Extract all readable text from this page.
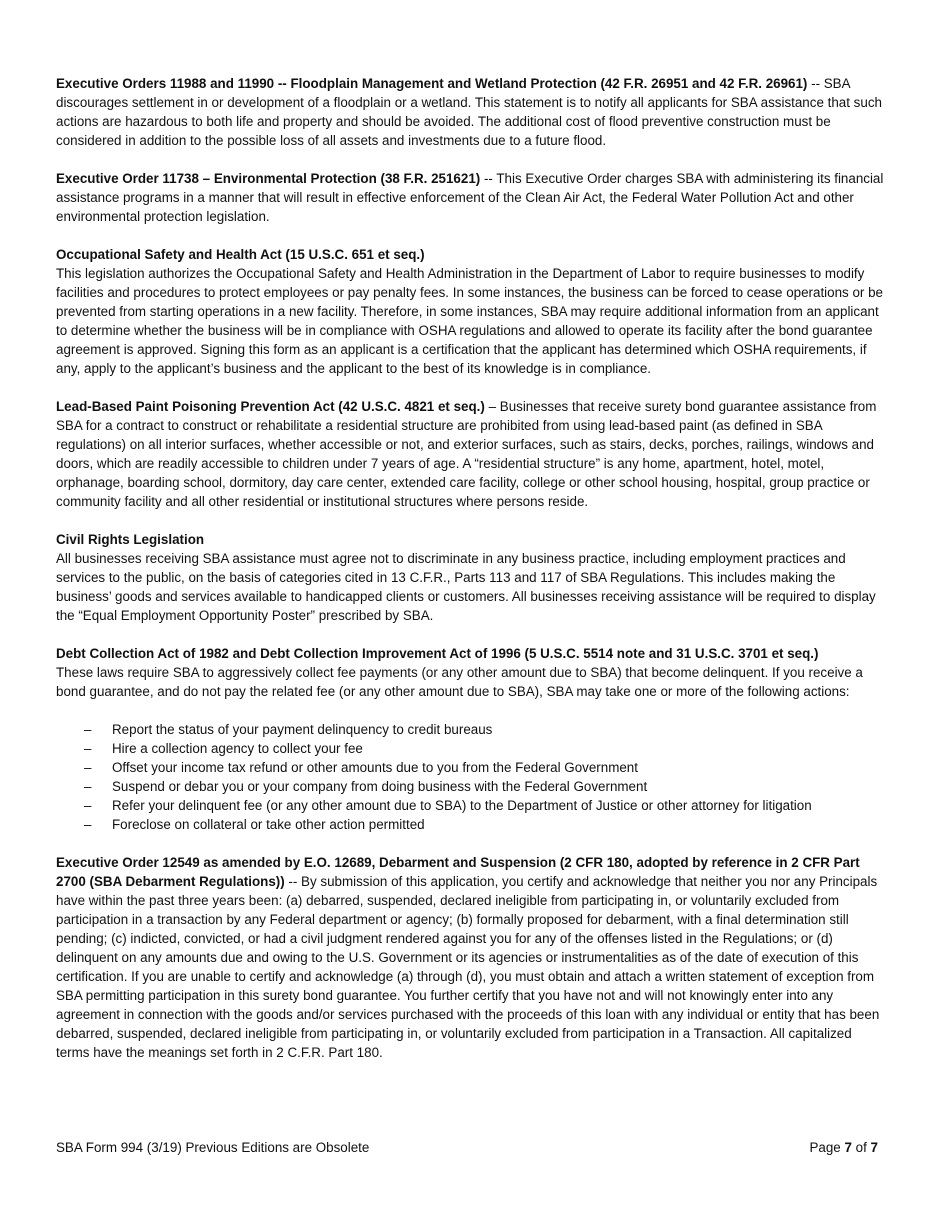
Executive Orders 11988 and 11990 -- Floodplain Management and Wetland Protection (42 F.R. 26951 and 42 F.R. 26961) -- SBA discourages settlement in or development of a floodplain or a wetland. This statement is to notify all applicants for SBA assistance that such actions are hazardous to both life and property and should be avoided. The additional cost of flood preventive construction must be considered in addition to the possible loss of all assets and investments due to a future flood.

Executive Order 11738 – Environmental Protection (38 F.R. 251621) -- This Executive Order charges SBA with administering its financial assistance programs in a manner that will result in effective enforcement of the Clean Air Act, the Federal Water Pollution Act and other environmental protection legislation.

Occupational Safety and Health Act (15 U.S.C. 651 et seq.)

This legislation authorizes the Occupational Safety and Health Administration in the Department of Labor to require businesses to modify facilities and procedures to protect employees or pay penalty fees. In some instances, the business can be forced to cease operations or be prevented from starting operations in a new facility. Therefore, in some instances, SBA may require additional information from an applicant to determine whether the business will be in compliance with OSHA regulations and allowed to operate its facility after the bond guarantee agreement is approved. Signing this form as an applicant is a certification that the applicant has determined which OSHA requirements, if any, apply to the applicant’s business and the applicant to the best of its knowledge is in compliance.

Lead-Based Paint Poisoning Prevention Act (42 U.S.C. 4821 et seq.) – Businesses that receive surety bond guarantee assistance from SBA for a contract to construct or rehabilitate a residential structure are prohibited from using lead-based paint (as defined in SBA regulations) on all interior surfaces, whether accessible or not, and exterior surfaces, such as stairs, decks, porches, railings, windows and doors, which are readily accessible to children under 7 years of age. A “residential structure” is any home, apartment, hotel, motel, orphanage, boarding school, dormitory, day care center, extended care facility, college or other school housing, hospital, group practice or community facility and all other residential or institutional structures where persons reside.

Civil Rights Legislation

All businesses receiving SBA assistance must agree not to discriminate in any business practice, including employment practices and services to the public, on the basis of categories cited in 13 C.F.R., Parts 113 and 117 of SBA Regulations. This includes making the business’ goods and services available to handicapped clients or customers. All businesses receiving assistance will be required to display the “Equal Employment Opportunity Poster” prescribed by SBA.

Debt Collection Act of 1982 and Debt Collection Improvement Act of 1996 (5 U.S.C. 5514 note and 31 U.S.C. 3701 et seq.)

These laws require SBA to aggressively collect fee payments (or any other amount due to SBA) that become delinquent. If you receive a bond guarantee, and do not pay the related fee (or any other amount due to SBA), SBA may take one or more of the following actions:

– Report the status of your payment delinquency to credit bureaus
– Hire a collection agency to collect your fee
– Offset your income tax refund or other amounts due to you from the Federal Government
– Suspend or debar you or your company from doing business with the Federal Government
– Refer your delinquent fee (or any other amount due to SBA) to the Department of Justice or other attorney for litigation
– Foreclose on collateral or take other action permitted

Executive Order 12549 as amended by E.O. 12689, Debarment and Suspension (2 CFR 180, adopted by reference in 2 CFR Part 2700 (SBA Debarment Regulations)) -- By submission of this application, you certify and acknowledge that neither you nor any Principals have within the past three years been: (a) debarred, suspended, declared ineligible from participating in, or voluntarily excluded from participation in a transaction by any Federal department or agency; (b) formally proposed for debarment, with a final determination still pending; (c) indicted, convicted, or had a civil judgment rendered against you for any of the offenses listed in the Regulations; or (d) delinquent on any amounts due and owing to the U.S. Government or its agencies or instrumentalities as of the date of execution of this certification. If you are unable to certify and acknowledge (a) through (d), you must obtain and attach a written statement of exception from SBA permitting participation in this surety bond guarantee. You further certify that you have not and will not knowingly enter into any agreement in connection with the goods and/or services purchased with the proceeds of this loan with any individual or entity that has been debarred, suspended, declared ineligible from participating in, or voluntarily excluded from participation in a Transaction. All capitalized terms have the meanings set forth in 2 C.F.R. Part 180.

SBA Form 994 (3/19) Previous Editions are Obsolete	Page 7 of 7
